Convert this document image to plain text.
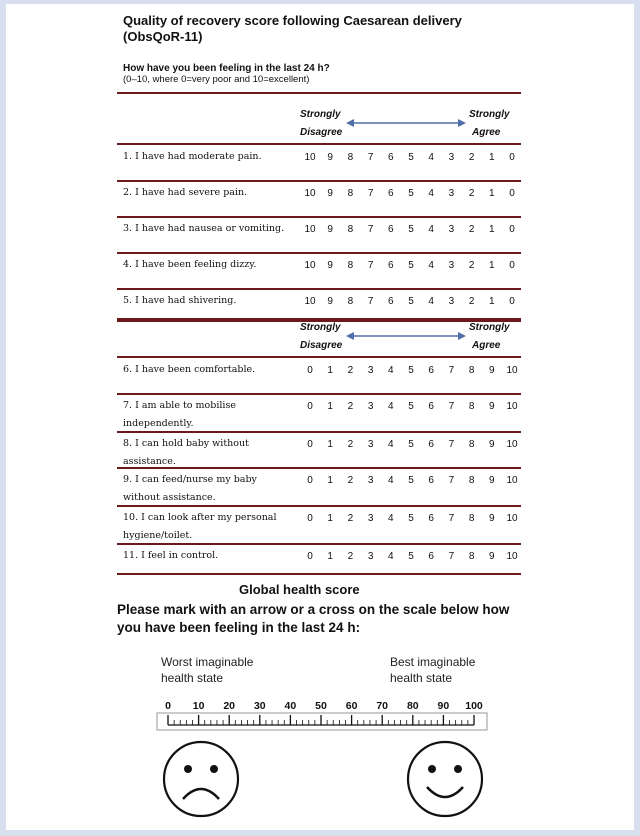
Quality of recovery score following Caesarean delivery
(ObsQoR-11)
How have you been feeling in the last 24 h?
(0–10, where 0=very poor and 10=excellent)
Strongly
Disagree
Strongly
Agree
1. I have had moderate pain.	10	9	8	7	6	5	4	3	2	1	0
2. I have had severe pain.	10	9	8	7	6	5	4	3	2	1	0
3. I have had nausea or vomiting.	10	9	8	7	6	5	4	3	2	1	0
4. I have been feeling dizzy.	10	9	8	7	6	5	4	3	2	1	0
5. I have had shivering.	10	9	8	7	6	5	4	3	2	1	0
Strongly
Disagree
Strongly
Agree
6. I have been comfortable.	0	1	2	3	4	5	6	7	8	9	10
7. I am able to mobilise independently.
0	1	2	3	4	5	6	7	8	9	10
8. I can hold baby without assistance.
0	1	2	3	4	5	6	7	8	9	10
9. I can feed/nurse my baby without assistance.
0	1	2	3	4	5	6	7	8	9	10
10. I can look after my personal hygiene/toilet.
0	1	2	3	4	5	6	7	8	9	10
11. I feel in control.	0	1	2	3	4	5	6	7	8	9	10
Global health score
Please mark with an arrow or a cross on the scale below how
you have been feeling in the last 24 h:
Worst imaginable
health state
Best imaginable
health state
0	10	20	30	40	50	60	70	80	90	100
